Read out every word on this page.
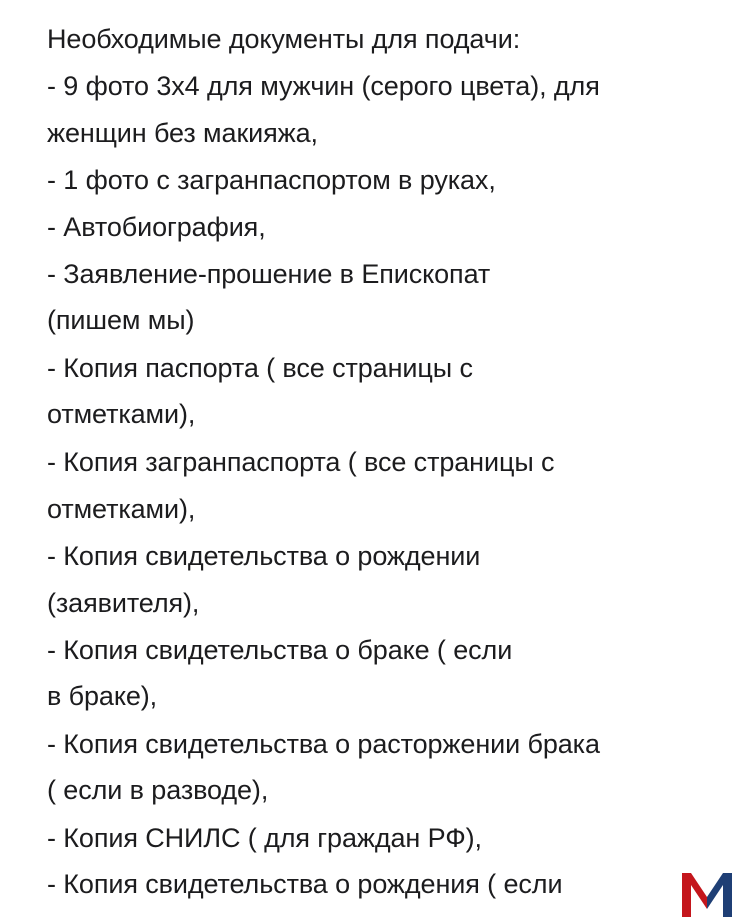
Необходимые документы для подачи:

- 9 фото 3х4 для мужчин (серого цвета), для

женщин без макияжа,

- 1 фото с загранпаспортом в руках,

- Автобиография,

- Заявление-прошение в Епископат

(пишем мы)

- Копия паспорта ( все страницы с

отметками),

- Копия загранпаспорта ( все страницы с

отметками),

- Копия свидетельства о рождении

(заявителя),

- Копия свидетельства о браке ( если

в браке),

- Копия свидетельства о расторжении брака

( если в разводе),

- Копия СНИЛС ( для граждан РФ),

- Копия свидетельства о рождения ( если
